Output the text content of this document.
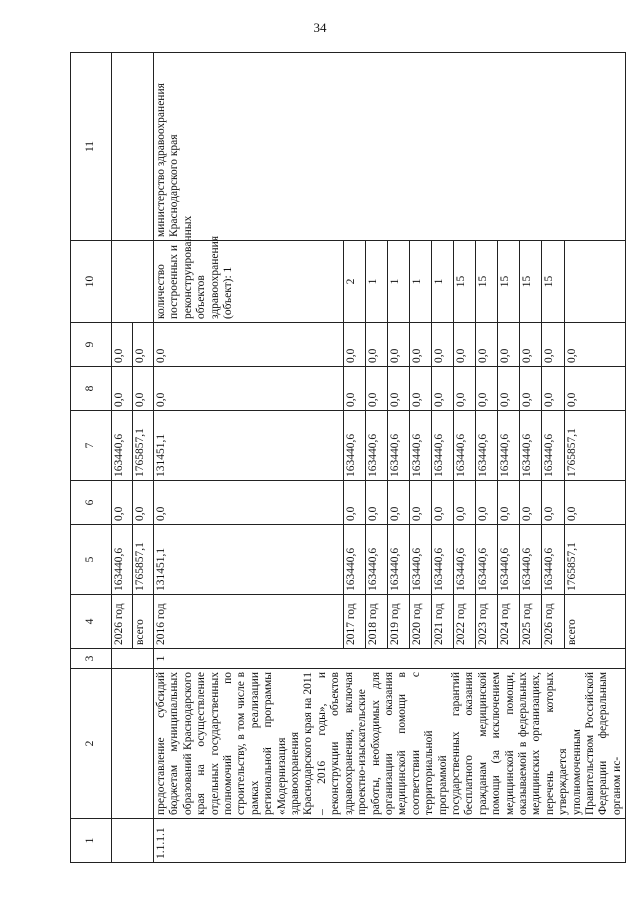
34
1	2	3	4	5	6	7	8	9	10	11
			2026 год	163440,6	0,0	163440,6	0,0	0,0		
			всего	1765857,1	0,0	1765857,1	0,0	0,0		
1.1.1.1	предоставление субсидий бюджетам муниципальных образований Краснодарского края на осуществление отдельных государственных полномочий по строительству, в том числе в рамках реализации региональной программы «Модернизация здравоохранения Краснодарского края на 2011 – 2016 годы», и реконструкции объектов здравоохранения, включая проектно-изыскательские работы, необходимых для организации оказания медицинской помощи в соответствии с территориальной программой государственных гарантий бесплатного оказания гражданам медицинской помощи (за исключением медицинской помощи, оказываемой в федеральных медицинских организациях, перечень которых утверждается уполномоченным Правительством Российской Федерации федеральным органом ис-	1	2016 год	131451,1	0,0	131451,1	0,0	0,0	количество построенных и реконструированных объектов здравоохранения (объект): 1	министерство здравоохранения Краснодарского края
			2017 год	163440,6	0,0	163440,6	0,0	0,0	2	
			2018 год	163440,6	0,0	163440,6	0,0	0,0	1	
			2019 год	163440,6	0,0	163440,6	0,0	0,0	1	
			2020 год	163440,6	0,0	163440,6	0,0	0,0	1	
			2021 год	163440,6	0,0	163440,6	0,0	0,0	1	
			2022 год	163440,6	0,0	163440,6	0,0	0,0	15	
			2023 год	163440,6	0,0	163440,6	0,0	0,0	15	
			2024 год	163440,6	0,0	163440,6	0,0	0,0	15	
			2025 год	163440,6	0,0	163440,6	0,0	0,0	15	
			2026 год	163440,6	0,0	163440,6	0,0	0,0	15	
			всего	1765857,1	0,0	1765857,1	0,0	0,0		
